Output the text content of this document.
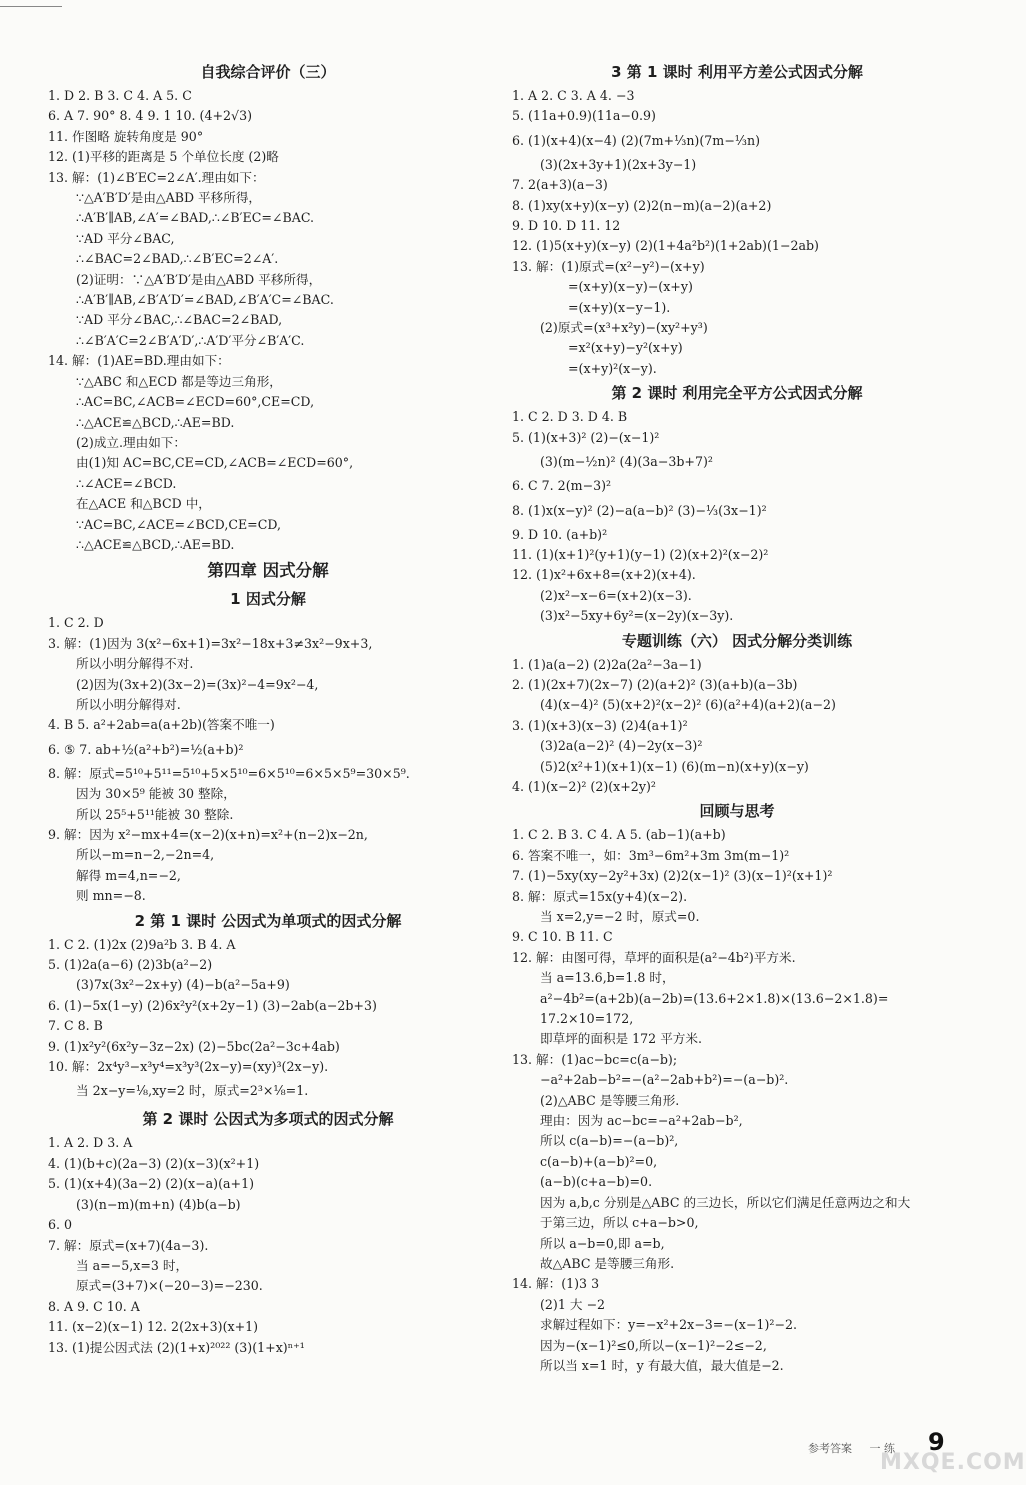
自我综合评价（三）
1. D 2. B 3. C 4. A 5. C
6. A 7. 90° 8. 4 9. 1 10. (4+2√3)
11. 作图略 旋转角度是 90°
12. (1)平移的距离是 5 个单位长度 (2)略
13. 解：(1)∠B′EC=2∠A′.理由如下：
∵△A′B′D′是由△ABD 平移所得，
∴A′B′∥AB,∠A′=∠BAD,∴∠B′EC=∠BAC.
∵AD 平分∠BAC,
∴∠BAC=2∠BAD,∴∠B′EC=2∠A′.
(2)证明：∵△A′B′D′是由△ABD 平移所得，
∴A′B′∥AB,∠B′A′D′=∠BAD,∠B′A′C=∠BAC.
∵AD 平分∠BAC,∴∠BAC=2∠BAD,
∴∠B′A′C=2∠B′A′D′,∴A′D′平分∠B′A′C.
14. 解：(1)AE=BD.理由如下：
∵△ABC 和△ECD 都是等边三角形，
∴AC=BC,∠ACB=∠ECD=60°,CE=CD,
∴△ACE≌△BCD,∴AE=BD.
(2)成立.理由如下：
由(1)知 AC=BC,CE=CD,∠ACB=∠ECD=60°,
∴∠ACE=∠BCD.
在△ACE 和△BCD 中，
∵AC=BC,∠ACE=∠BCD,CE=CD,
∴△ACE≌△BCD,∴AE=BD.
第四章 因式分解
1 因式分解
1. C 2. D
3. 解：(1)因为 3(x²−6x+1)=3x²−18x+3≠3x²−9x+3,
所以小明分解得不对.
(2)因为(3x+2)(3x−2)=(3x)²−4=9x²−4,
所以小明分解得对.
4. B 5. a²+2ab=a(a+2b)(答案不唯一)
6. ⑤ 7. ab+½(a²+b²)=½(a+b)²
8. 解：原式=5¹⁰+5¹¹=5¹⁰+5×5¹⁰=6×5¹⁰=6×5×5⁹=30×5⁹.
因为 30×5⁹ 能被 30 整除，
所以 25⁵+5¹¹能被 30 整除.
9. 解：因为 x²−mx+4=(x−2)(x+n)=x²+(n−2)x−2n,
所以−m=n−2,−2n=4,
解得 m=4,n=−2,
则 mn=−8.
2 第 1 课时 公因式为单项式的因式分解
1. C 2. (1)2x (2)9a²b 3. B 4. A
5. (1)2a(a−6) (2)3b(a²−2)
(3)7x(3x²−2x+y) (4)−b(a²−5a+9)
6. (1)−5x(1−y) (2)6x²y²(x+2y−1) (3)−2ab(a−2b+3)
7. C 8. B
9. (1)x²y²(6x²y−3z−2x) (2)−5bc(2a²−3c+4ab)
10. 解：2x⁴y³−x³y⁴=x³y³(2x−y)=(xy)³(2x−y).
当 2x−y=⅛,xy=2 时，原式=2³×⅛=1.
第 2 课时 公因式为多项式的因式分解
1. A 2. D 3. A
4. (1)(b+c)(2a−3) (2)(x−3)(x²+1)
5. (1)(x+4)(3a−2) (2)(x−a)(a+1)
(3)(n−m)(m+n) (4)b(a−b)
6. 0
7. 解：原式=(x+7)(4a−3).
当 a=−5,x=3 时，
原式=(3+7)×(−20−3)=−230.
8. A 9. C 10. A
11. (x−2)(x−1) 12. 2(2x+3)(x+1)
13. (1)提公因式法 (2)(1+x)²⁰²² (3)(1+x)ⁿ⁺¹
3 第 1 课时 利用平方差公式因式分解
1. A 2. C 3. A 4. −3
5. (11a+0.9)(11a−0.9)
6. (1)(x+4)(x−4) (2)(7m+⅓n)(7m−⅓n)
(3)(2x+3y+1)(2x+3y−1)
7. 2(a+3)(a−3)
8. (1)xy(x+y)(x−y) (2)2(n−m)(a−2)(a+2)
9. D 10. D 11. 12
12. (1)5(x+y)(x−y) (2)(1+4a²b²)(1+2ab)(1−2ab)
13. 解：(1)原式=(x²−y²)−(x+y)
=(x+y)(x−y)−(x+y)
=(x+y)(x−y−1).
(2)原式=(x³+x²y)−(xy²+y³)
=x²(x+y)−y²(x+y)
=(x+y)²(x−y).
第 2 课时 利用完全平方公式因式分解
1. C 2. D 3. D 4. B
5. (1)(x+3)² (2)−(x−1)²
(3)(m−½n)² (4)(3a−3b+7)²
6. C 7. 2(m−3)²
8. (1)x(x−y)² (2)−a(a−b)² (3)−⅓(3x−1)²
9. D 10. (a+b)²
11. (1)(x+1)²(y+1)(y−1) (2)(x+2)²(x−2)²
12. (1)x²+6x+8=(x+2)(x+4).
(2)x²−x−6=(x+2)(x−3).
(3)x²−5xy+6y²=(x−2y)(x−3y).
专题训练（六） 因式分解分类训练
1. (1)a(a−2) (2)2a(2a²−3a−1)
2. (1)(2x+7)(2x−7) (2)(a+2)² (3)(a+b)(a−3b)
(4)(x−4)² (5)(x+2)²(x−2)² (6)(a²+4)(a+2)(a−2)
3. (1)(x+3)(x−3) (2)4(a+1)²
(3)2a(a−2)² (4)−2y(x−3)²
(5)2(x²+1)(x+1)(x−1) (6)(m−n)(x+y)(x−y)
4. (1)(x−2)² (2)(x+2y)²
回顾与思考
1. C 2. B 3. C 4. A 5. (ab−1)(a+b)
6. 答案不唯一，如：3m³−6m²+3m 3m(m−1)²
7. (1)−5xy(xy−2y²+3x) (2)2(x−1)² (3)(x−1)²(x+1)²
8. 解：原式=15x(y+4)(x−2).
当 x=2,y=−2 时，原式=0.
9. C 10. B 11. C
12. 解：由图可得，草坪的面积是(a²−4b²)平方米.
当 a=13.6,b=1.8 时，
a²−4b²=(a+2b)(a−2b)=(13.6+2×1.8)×(13.6−2×1.8)=
17.2×10=172,
即草坪的面积是 172 平方米.
13. 解：(1)ac−bc=c(a−b);
−a²+2ab−b²=−(a²−2ab+b²)=−(a−b)².
(2)△ABC 是等腰三角形.
理由：因为 ac−bc=−a²+2ab−b²,
所以 c(a−b)=−(a−b)²,
c(a−b)+(a−b)²=0,
(a−b)(c+a−b)=0.
因为 a,b,c 分别是△ABC 的三边长，所以它们满足任意两边之和大
于第三边，所以 c+a−b>0,
所以 a−b=0,即 a=b,
故△ABC 是等腰三角形.
14. 解：(1)3 3
(2)1 大 −2
求解过程如下：y=−x²+2x−3=−(x−1)²−2.
因为−(x−1)²≤0,所以−(x−1)²−2≤−2,
所以当 x=1 时，y 有最大值，最大值是−2.
参考答案 一 练 9
MXQE.COM
